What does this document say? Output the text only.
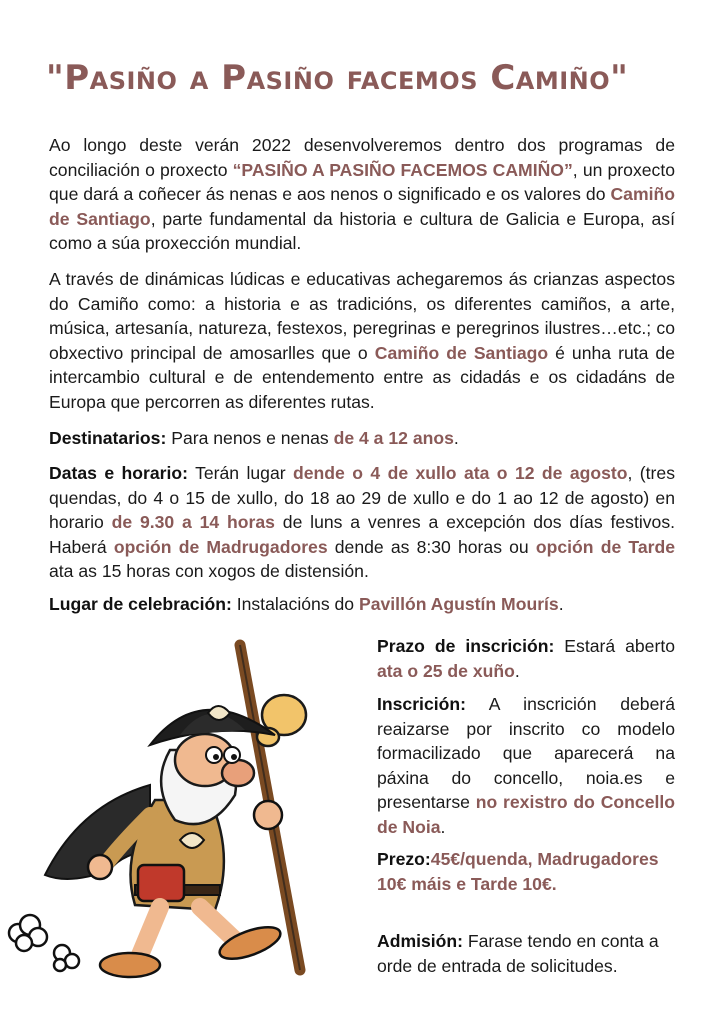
"Pasiño a Pasiño facemos Camiño"

Ao longo deste verán 2022 desenvolveremos dentro dos programas de conciliación o proxecto “PASIÑO A PASIÑO FACEMOS CAMIÑO”, un proxecto que dará a coñecer ás nenas e aos nenos o significado e os valores do Camiño de Santiago, parte fundamental da historia e cultura de Galicia e Europa, así como a súa proxección mundial.

A través de dinámicas lúdicas e educativas achegaremos ás crianzas aspectos do Camiño como: a historia e as tradicións, os diferentes camiños, a arte, música, artesanía, natureza, festexos, peregrinas e peregrinos ilustres…etc.; co obxectivo principal de amosarlles que o Camiño de Santiago é unha ruta de intercambio cultural e de entendemento entre as cidadás e os cidadáns de Europa que percorren as diferentes rutas.

Destinatarios: Para nenos e nenas de 4 a 12 anos.

Datas e horario: Terán lugar dende o 4 de xullo ata o 12 de agosto, (tres quendas, do 4 o 15 de xullo, do 18 ao 29 de xullo e do 1 ao 12 de agosto) en horario de 9.30 a 14 horas de luns a venres a excepción dos días festivos. Haberá opción de Madrugadores dende as 8:30 horas ou opción de Tarde ata as 15 horas con xogos de distensión.

Lugar de celebración: Instalacións do Pavillón Agustín Mourís.

Prazo de inscrición: Estará aberto ata o 25 de xuño.

Inscrición: A inscrición deberá reaizarse por inscrito co modelo formacilizado que aparecerá na páxina do concello, noia.es e presentarse no rexistro do Concello de Noia.

Prezo:45€/quenda, Madrugadores 10€ máis e Tarde 10€.

Admisión: Farase tendo en conta a orde de entrada de solicitudes.
